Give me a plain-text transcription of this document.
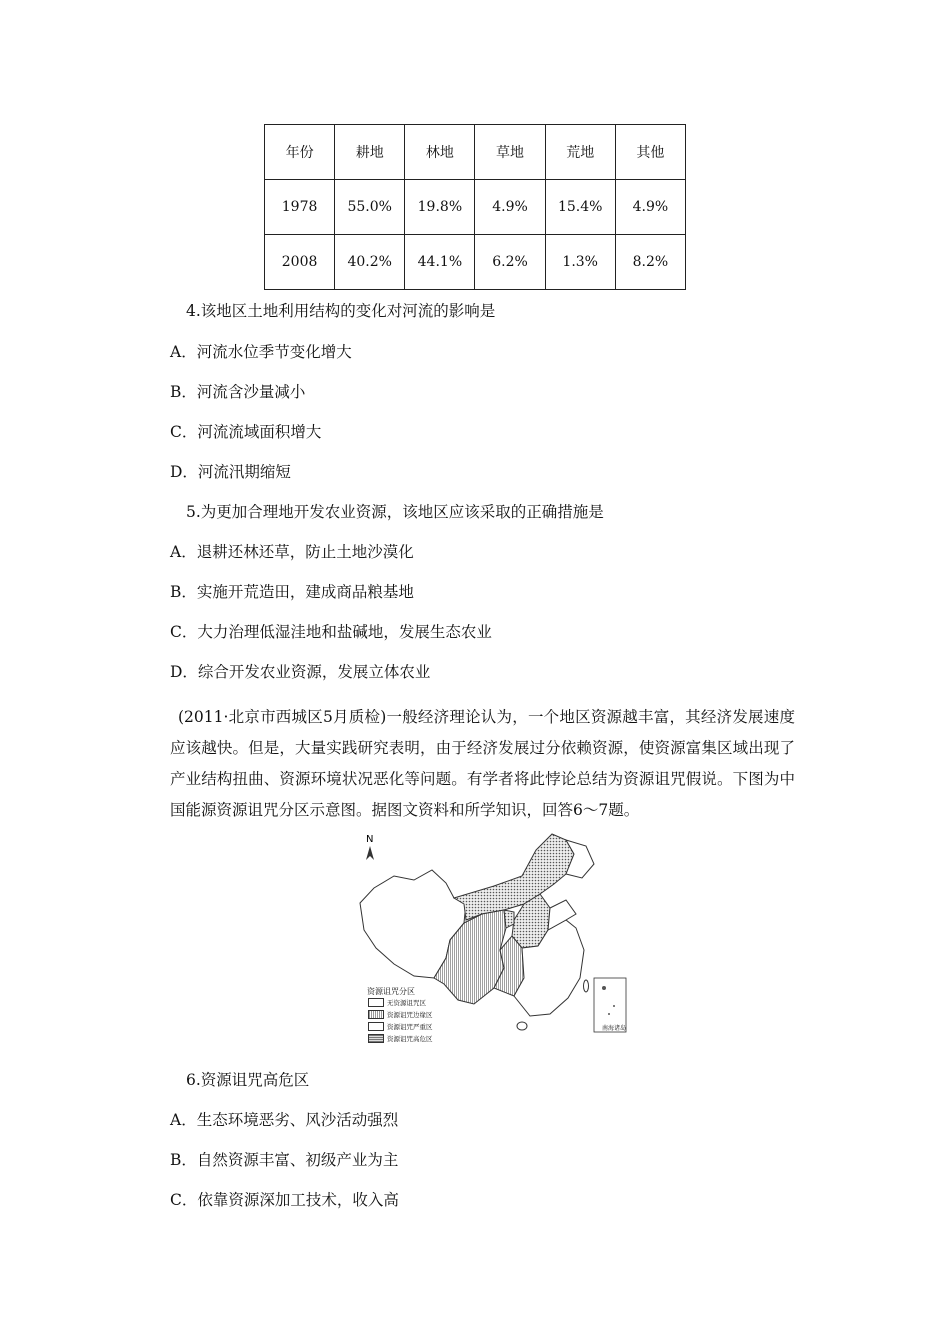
年份	耕地	林地	草地	荒地	其他
1978	55.0%	19.8%	4.9%	15.4%	4.9%
2008	40.2%	44.1%	6.2%	1.3%	8.2%
4.该地区土地利用结构的变化对河流的影响是
A．河流水位季节变化增大
B．河流含沙量减小
C．河流流域面积增大
D．河流汛期缩短
5.为更加合理地开发农业资源，该地区应该采取的正确措施是
A．退耕还林还草，防止土地沙漠化
B．实施开荒造田，建成商品粮基地
C．大力治理低湿洼地和盐碱地，发展生态农业
D．综合开发农业资源，发展立体农业
(2011·北京市西城区5月质检)一般经济理论认为，一个地区资源越丰富，其经济发展速度应该越快。但是，大量实践研究表明，由于经济发展过分依赖资源，使资源富集区域出现了产业结构扭曲、资源环境状况恶化等问题。有学者将此悖论总结为资源诅咒假说。下图为中国能源资源诅咒分区示意图。据图文资料和所学知识，回答6～7题。
N
资源诅咒分区
无资源诅咒区
资源诅咒边缘区
资源诅咒严重区
资源诅咒高危区
南海诸岛
6.资源诅咒高危区
A．生态环境恶劣、风沙活动强烈
B．自然资源丰富、初级产业为主
C．依靠资源深加工技术，收入高
